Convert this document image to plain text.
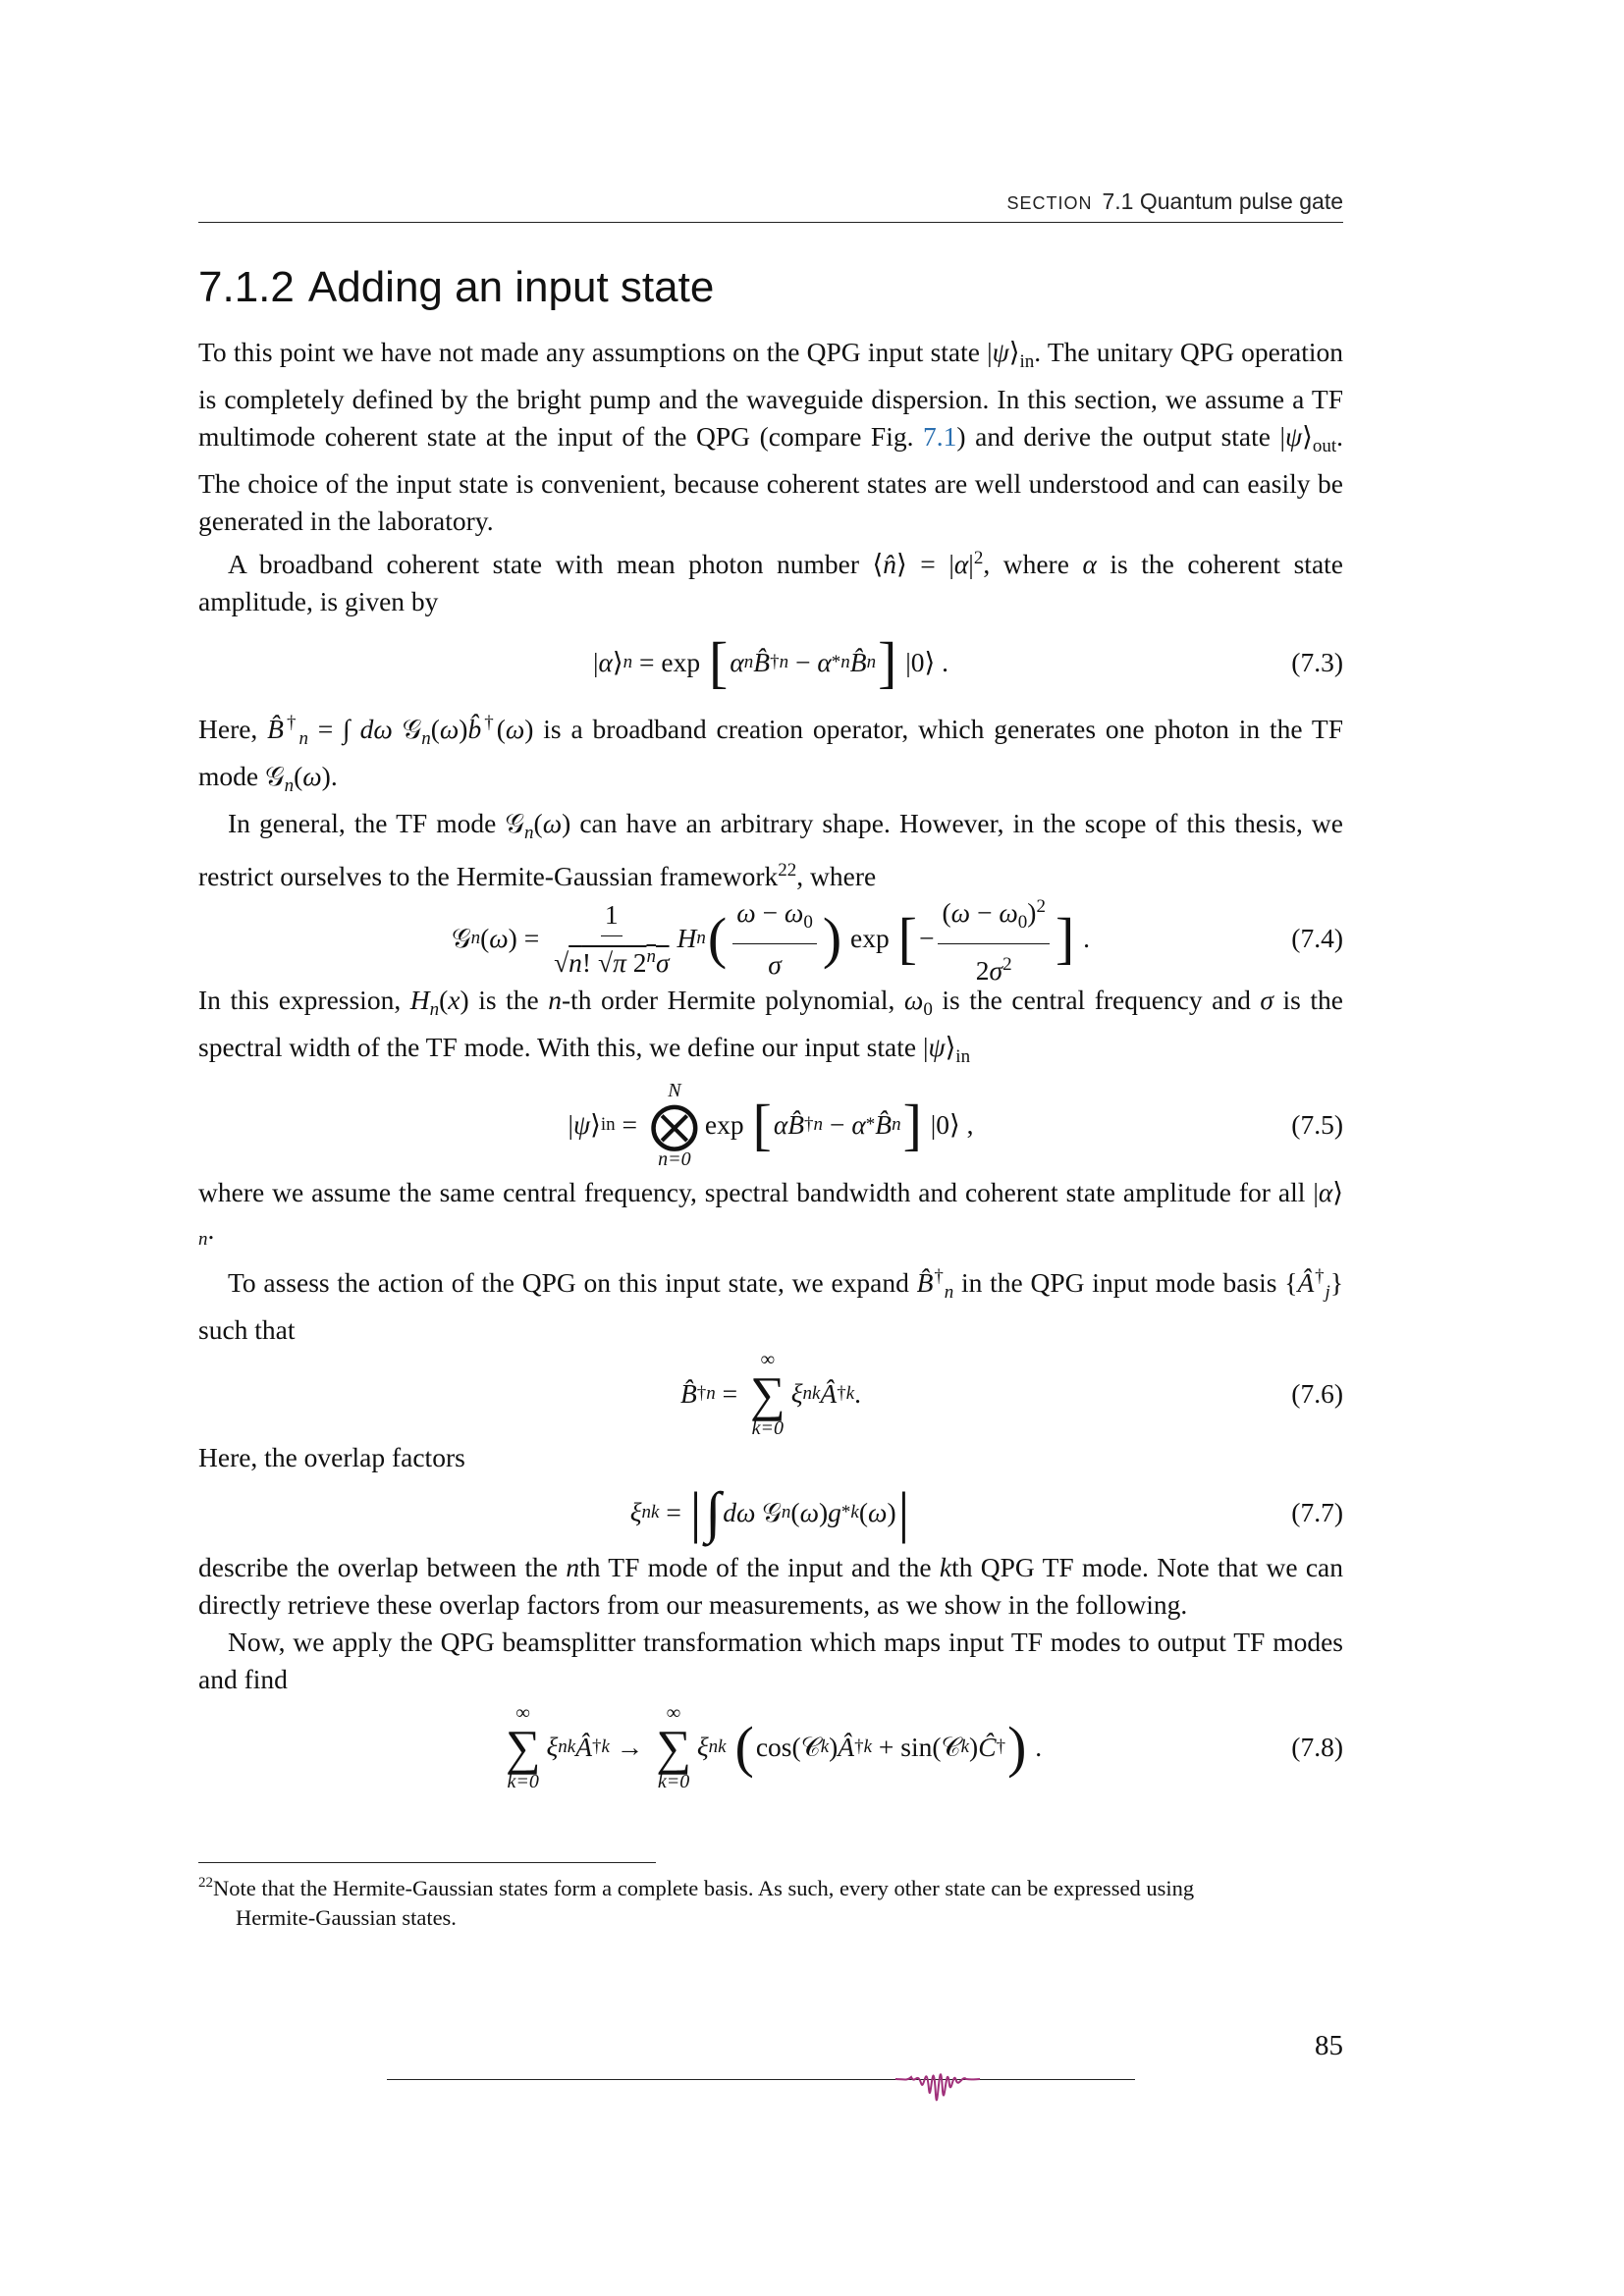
SECTION 7.1 Quantum pulse gate
7.1.2 Adding an input state

To this point we have not made any assumptions on the QPG input state $|\psi⟩_{in}$. The unitary QPG operation is completely defined by the bright pump and the waveguide dispersion. In this section, we assume a TF multimode coherent state at the input of the QPG (compare Fig. 7.1) and derive the output state $|\psi⟩_{out}$. The choice of the input state is convenient, because coherent states are well understood and can easily be generated in the laboratory.

A broadband coherent state with mean photon number ⟨n̂⟩ = $|\alpha|^2$, where α is the coherent state amplitude, is given by

| α ⟩ n = exp [ α n B̂ † n − α * n B̂ n ] |0⟩ .	(7.3)

Here, $B̂^\dagger_n$ = ∫ dω 𝒢$_n$(ω)b̂†(ω) is a broadband creation operator, which generates one photon in the TF mode 𝒢$_n$(ω).

In general, the TF mode 𝒢$_n$(ω) can have an arbitrary shape. However, in the scope of this thesis, we restrict ourselves to the Hermite-Gaussian framework$^{22}$, where

𝒢 n ( ω ) = $\frac{1}{√n! √\pi 2^n\sigma}$ H n ( $\frac{\omega - \omega_0}{\sigma}$ ) exp [ − $\frac{(\omega - \omega_0)^2}{2\sigma^2}$ ] .	(7.4)

In this expression, $H_n(x)$ is the n-th order Hermite polynomial, $\omega_0$ is the central frequency and σ is the spectral width of the TF mode. With this, we define our input state $|\psi⟩_{in}$

| ψ ⟩ in =
N
⨂
n=0
exp [ αB̂ † n − α * B̂ n ] |0⟩ ,	(7.5)

where we assume the same central frequency, spectral bandwidth and coherent state amplitude for all $|\alpha⟩_n$.

To assess the action of the QPG on this input state, we expand $B̂^\dagger_n$ in the QPG input mode basis $\{Â^\dagger_j\}$ such that

B̂ † n =
∞
∑
k=0
ξ nk Â † k .	(7.6)

Here, the overlap factors

ξ nk = | ∫ dω 𝒢 n ( ω ) g * k ( ω ) |	(7.7)

describe the overlap between the nth TF mode of the input and the kth QPG TF mode. Note that we can directly retrieve these overlap factors from our measurements, as we show in the following.

Now, we apply the QPG beamsplitter transformation which maps input TF modes to output TF modes and find

∞
∑
k=0
ξ nk Â † k →
∞
∑
k=0
ξ nk
( cos(𝒞 k ) Â † k + sin(𝒞 k ) Ĉ † ) .	(7.8)
$^{22}$Note that the Hermite-Gaussian states form a complete basis. As such, every other state can be expressed using
Hermite-Gaussian states.
85
